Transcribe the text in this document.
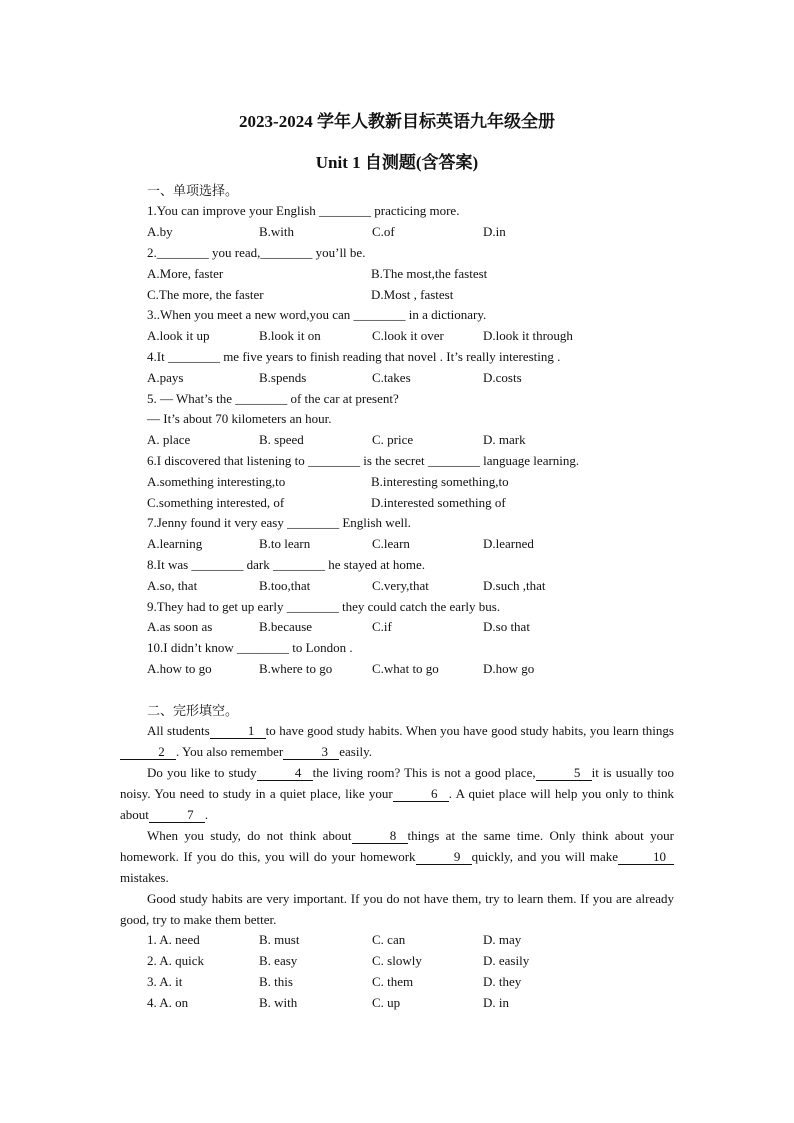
2023-2024 学年人教新目标英语九年级全册
Unit 1 自测题(含答案)
一、单项选择。
1.You can improve your English ________ practicing more.
A.by	B.with	C.of	D.in
2.________ you read,________ you’ll be.
A.More, faster	B.The most,the fastest
C.The more, the faster	D.Most , fastest
3..When you meet a new word,you can ________ in a dictionary.
A.look it up	B.look it on	C.look it over	D.look it through
4.It ________ me five years to finish reading that novel . It’s really interesting .
A.pays	B.spends	C.takes	D.costs
5. — What’s the ________ of the car at present?
— It’s about 70 kilometers an hour.
A. place	B. speed	C. price	D. mark
6.I discovered that listening to ________ is the secret ________ language learning.
A.something interesting,to	B.interesting something,to
C.something interested, of	D.interested something of
7.Jenny found it very easy ________ English well.
A.learning	B.to learn	C.learn	D.learned
8.It was ________ dark ________ he stayed at home.
A.so, that	B.too,that	C.very,that	D.such ,that
9.They had to get up early ________ they could catch the early bus.
A.as soon as	B.because	C.if	D.so that
10.I didn’t know ________ to London .
A.how to go	B.where to go	C.what to go	D.how go
二、完形填空。
All students	1 to have good study habits. When you have good study habits, you learn things2 . You also remember	3 easily.
Do you like to study	4 the living room? This is not a good place,	5 it is usually too noisy. You need to study in a quiet place, like your	6 . A quiet place will help you only to think about	7 .
When you study, do not think about	8 things at the same time. Only think about your homework. If you do this, you will do your homework	9 quickly, and you will make	10mistakes.
Good study habits are very important. If you do not have them, try to learn them. If you are already good, try to make them better.
1. A. need	B. must	C. can	D. may
2. A. quick	B. easy	C. slowly	D. easily
3. A. it	B. this	C. them	D. they
4. A. on	B. with	C. up	D. in
